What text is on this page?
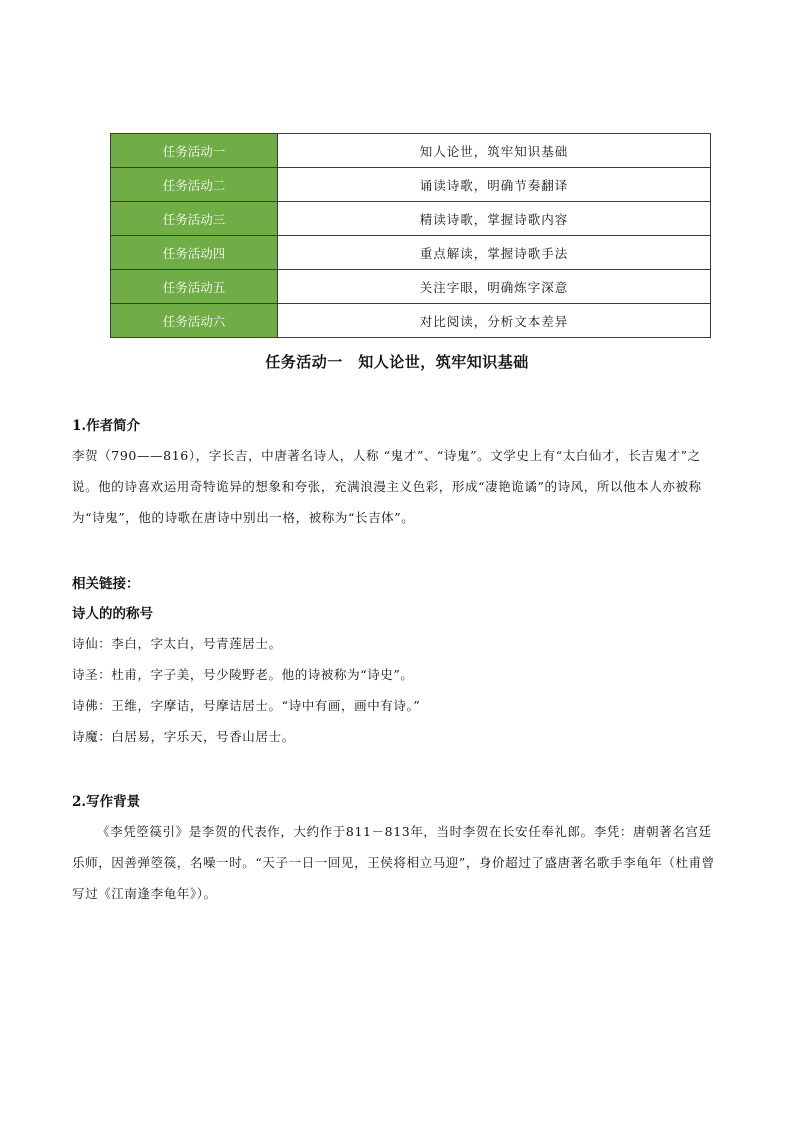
任务活动一	知人论世，筑牢知识基础
任务活动二	诵读诗歌，明确节奏翻译
任务活动三	精读诗歌，掌握诗歌内容
任务活动四	重点解读，掌握诗歌手法
任务活动五	关注字眼，明确炼字深意
任务活动六	对比阅读，分析文本差异
任务活动一　知人论世，筑牢知识基础
1.作者简介

李贺（790——816），字长吉，中唐著名诗人，人称 “鬼才”、“诗鬼”。文学史上有“太白仙才，长吉鬼才”之说。他的诗喜欢运用奇特诡异的想象和夸张，充满浪漫主义色彩，形成“凄艳诡谲”的诗风，所以他本人亦被称为“诗鬼”，他的诗歌在唐诗中别出一格，被称为“长吉体”。

相关链接：
诗人的的称号
诗仙：李白，字太白，号青莲居士。
诗圣：杜甫，字子美，号少陵野老。他的诗被称为“诗史”。
诗佛：王维，字摩诘，号摩诘居士。“诗中有画，画中有诗。”
诗魔：白居易，字乐天，号香山居士。
2.写作背景

《李凭箜篌引》是李贺的代表作，大约作于811－813年，当时李贺在长安任奉礼郎。李凭：唐朝著名宫廷乐师，因善弹箜篌，名噪一时。“天子一日一回见，王侯将相立马迎”，身价超过了盛唐著名歌手李龟年（杜甫曾写过《江南逢李龟年》）。
